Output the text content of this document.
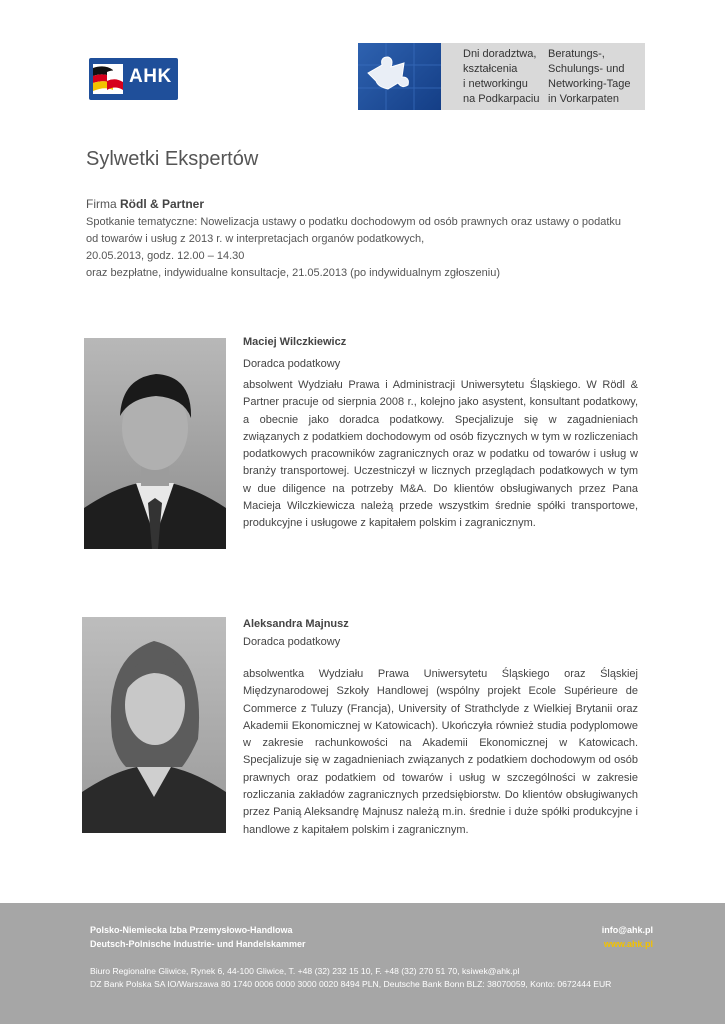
AHK
Dni doradztwa,
kształcenia
i networkingu
na Podkarpaciu
Beratungs-,
Schulungs- und
Networking-Tage
in Vorkarpaten
Sylwetki Ekspertów
Firma Rödl & Partner
Spotkanie tematyczne: Nowelizacja ustawy o podatku dochodowym od osób prawnych oraz ustawy o podatku
od towarów i usług z 2013 r. w interpretacjach organów podatkowych,
20.05.2013, godz. 12.00 – 14.30
oraz bezpłatne, indywidualne konsultacje, 21.05.2013 (po indywidualnym zgłoszeniu)
Maciej Wilczkiewicz
Doradca podatkowy
absolwent Wydziału Prawa i Administracji Uniwersytetu Śląskiego. W Rödl & Partner pracuje od sierpnia 2008 r., kolejno jako asystent, konsultant podatkowy, a obecnie jako doradca podatkowy. Specjalizuje się w zagadnieniach związanych z podatkiem dochodowym od osób fizycznych w tym w rozliczeniach podatkowych pracowników zagranicznych oraz w podatku od towarów i usług w branży transportowej. Uczestniczył w licznych przeglądach podatkowych w tym w due diligence na potrzeby M&A. Do klientów obsługiwanych przez Pana Macieja Wilczkiewicza należą przede wszystkim średnie spółki transportowe, produkcyjne i usługowe z kapitałem polskim i zagranicznym.
Aleksandra Majnusz
Doradca podatkowy
absolwentka Wydziału Prawa Uniwersytetu Śląskiego oraz Śląskiej Międzynarodowej Szkoły Handlowej (wspólny projekt Ecole Supérieure de Commerce z Tuluzy (Francja), University of Strathclyde z Wielkiej Brytanii oraz Akademii Ekonomicznej w Katowicach). Ukończyła również studia podyplomowe w zakresie rachunkowości na Akademii Ekonomicznej w Katowicach. Specjalizuje się w zagadnieniach związanych z podatkiem dochodowym od osób prawnych oraz podatkiem od towarów i usług w szczególności w zakresie rozliczania zakładów zagranicznych przedsiębiorstw. Do klientów obsługiwanych przez Panią Aleksandrę Majnusz należą m.in. średnie i duże spółki produkcyjne i handlowe z kapitałem polskim i zagranicznym.
Polsko-Niemiecka Izba Przemysłowo-Handlowa
Deutsch-Polnische Industrie- und Handelskammer
info@ahk.pl
www.ahk.pl
Biuro Regionalne Gliwice, Rynek 6, 44-100 Gliwice, T. +48 (32) 232 15 10, F. +48 (32) 270 51 70, ksiwek@ahk.pl
DZ Bank Polska SA IO/Warszawa 80 1740 0006 0000 3000 0020 8494 PLN, Deutsche Bank Bonn BLZ: 38070059, Konto: 0672444 EUR
